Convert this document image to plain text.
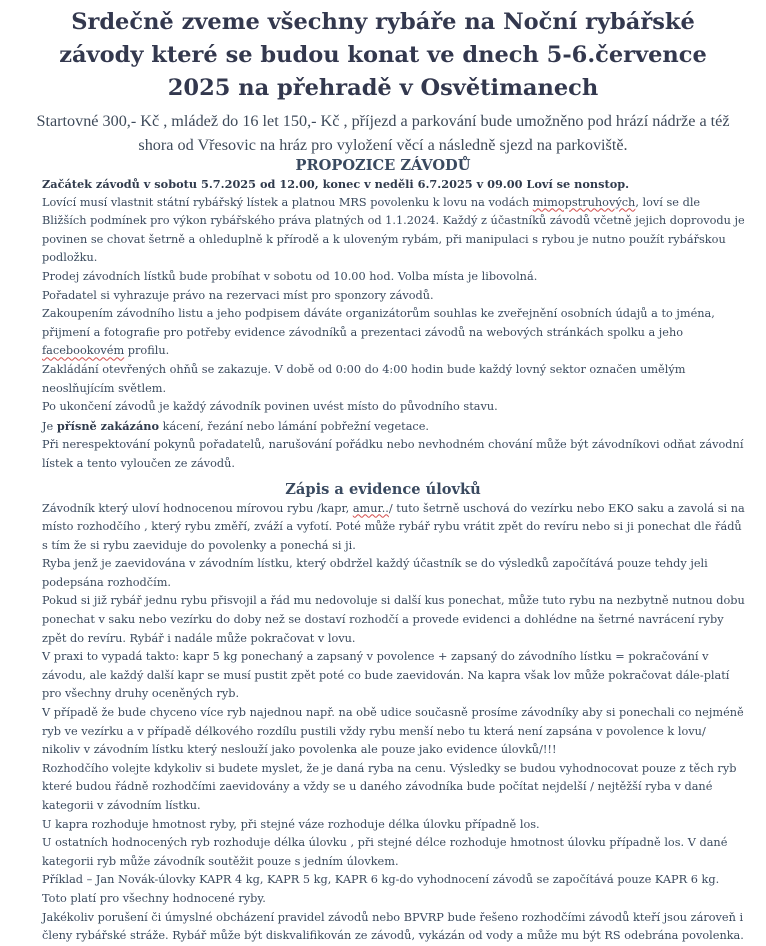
Srdečně zveme všechny rybáře na Noční rybářské závody které se budou konat ve dnech 5-6.července 2025 na přehradě v Osvětimanech

Startovné 300,- Kč , mládež do 16 let 150,- Kč , příjezd a parkování bude umožněno pod hrází nádrže a též shora od Vřesovic na hráz pro vyložení věcí a následně sjezd na parkoviště.

PROPOZICE ZÁVODŮ

Začátek závodů v sobotu 5.7.2025 od 12.00, konec v neděli 6.7.2025 v 09.00 Loví se nonstop.

Lovící musí vlastnit státní rybářský lístek a platnou MRS povolenku k lovu na vodách mimopstruhových, loví se dle Bližších podmínek pro výkon rybářského práva platných od 1.1.2024. Každý z účastníků závodů včetně jejich doprovodu je povinen se chovat šetrně a ohleduplně k přírodě a k uloveným rybám, při manipulaci s rybou je nutno použít rybářskou podložku.

Prodej závodních lístků bude probíhat v sobotu od 10.00 hod. Volba místa je libovolná.

Pořadatel si vyhrazuje právo na rezervaci míst pro sponzory závodů.

Zakoupením závodního listu a jeho podpisem dáváte organizátorům souhlas ke zveřejnění osobních údajů a to jména, přijmení a fotografie pro potřeby evidence závodníků a prezentaci závodů na webových stránkách spolku a jeho facebookovém profilu.

Zakládání otevřených ohňů se zakazuje. V době od 0:00 do 4:00 hodin bude každý lovný sektor označen umělým neoslňujícím světlem.

Po ukončení závodů je každý závodník povinen uvést místo do původního stavu.

Je přísně zakázáno kácení, řezání nebo lámání pobřežní vegetace.

Při nerespektování pokynů pořadatelů, narušování pořádku nebo nevhodném chování může být závodníkovi odňat závodní lístek a tento vyloučen ze závodů.

Zápis a evidence úlovků

Závodník který uloví hodnocenou mírovou rybu /kapr, amur../ tuto šetrně uschová do vezírku nebo EKO saku a zavolá si na místo rozhodčího , který rybu změří, zváží a vyfotí. Poté může rybář rybu vrátit zpět do revíru nebo si ji ponechat dle řádů s tím že si rybu zaeviduje do povolenky a ponechá si ji.

Ryba jenž je zaevidována v závodním lístku, který obdržel každý účastník se do výsledků započítává pouze tehdy jeli podepsána rozhodčím.

Pokud si již rybář jednu rybu přisvojil a řád mu nedovoluje si další kus ponechat, může tuto rybu na nezbytně nutnou dobu ponechat v saku nebo vezírku do doby než se dostaví rozhodčí a provede evidenci a dohlédne na šetrné navrácení ryby zpět do revíru. Rybář i nadále může pokračovat v lovu.

V praxi to vypadá takto: kapr 5 kg ponechaný a zapsaný v povolence + zapsaný do závodního lístku = pokračování v závodu, ale každý další kapr se musí pustit zpět poté co bude zaevidován. Na kapra však lov může pokračovat dále-platí pro všechny druhy oceněných ryb.

V případě že bude chyceno více ryb najednou např. na obě udice současně prosíme závodníky aby si ponechali co nejméně ryb ve vezírku a v případě délkového rozdílu pustili vždy rybu menší nebo tu která není zapsána v povolence k lovu/ nikoliv v závodním lístku který neslouží jako povolenka ale pouze jako evidence úlovků/!!!

Rozhodčího volejte kdykoliv si budete myslet, že je daná ryba na cenu. Výsledky se budou vyhodnocovat pouze z těch ryb které budou řádně rozhodčími zaevidovány a vždy se u daného závodníka bude počítat nejdelší / nejtěžší ryba v dané kategorii v závodním lístku.

U kapra rozhoduje hmotnost ryby, při stejné váze rozhoduje délka úlovku případně los.

U ostatních hodnocených ryb rozhoduje délka úlovku , při stejné délce rozhoduje hmotnost úlovku případně los. V dané kategorii ryb může závodník soutěžit pouze s jedním úlovkem.

Příklad – Jan Novák-úlovky KAPR 4 kg, KAPR 5 kg, KAPR 6 kg-do vyhodnocení závodů se započítává pouze KAPR 6 kg. Toto platí pro všechny hodnocené ryby.

Jakékoliv porušení či úmyslné obcházení pravidel závodů nebo BPVRP bude řešeno rozhodčími závodů kteří jsou zároveň i členy rybářské stráže. Rybář může být diskvalifikován ze závodů, vykázán od vody a může mu být RS odebrána povolenka.
